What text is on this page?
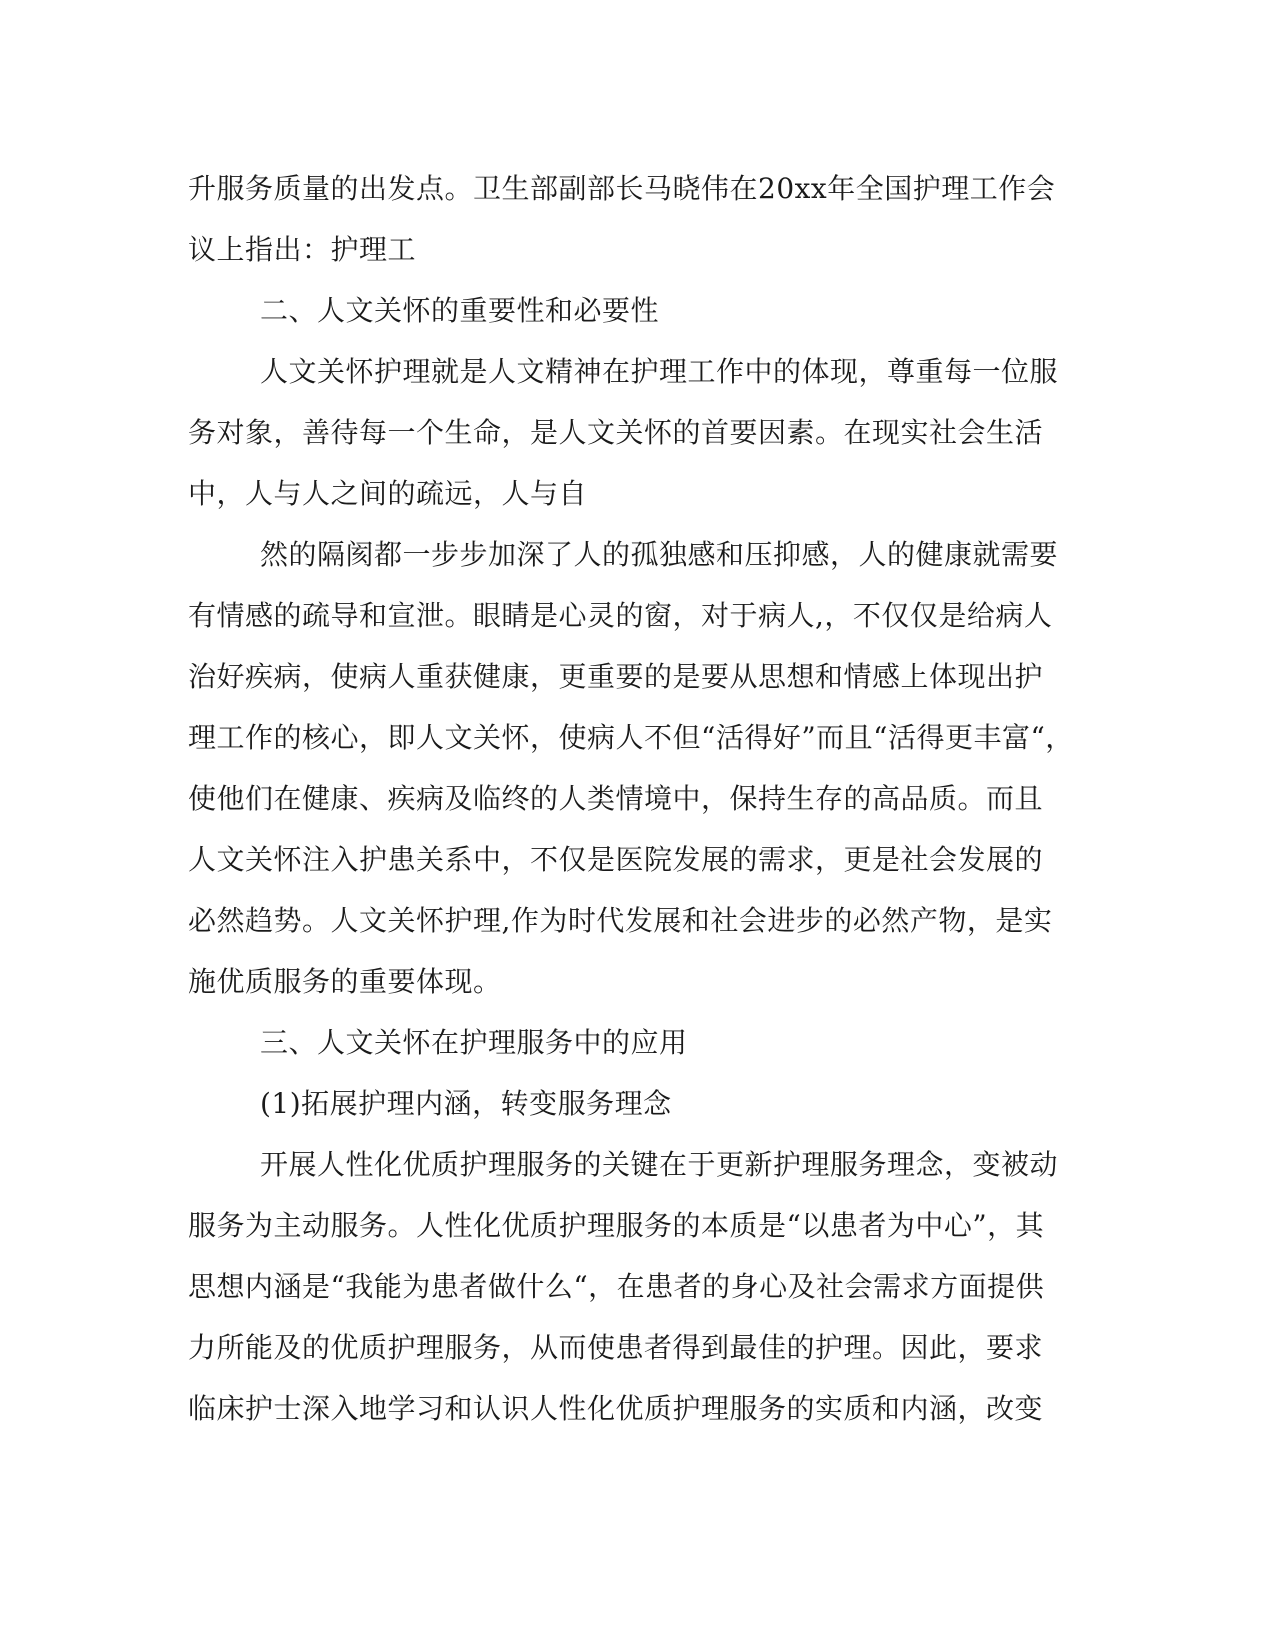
升服务质量的出发点。卫生部副部长马晓伟在20xx年全国护理工作会
议上指出：护理工
二、人文关怀的重要性和必要性
人文关怀护理就是人文精神在护理工作中的体现，尊重每一位服
务对象，善待每一个生命，是人文关怀的首要因素。在现实社会生活
中，人与人之间的疏远，人与自
然的隔阂都一步步加深了人的孤独感和压抑感，人的健康就需要
有情感的疏导和宣泄。眼睛是心灵的窗，对于病人,，不仅仅是给病人
治好疾病，使病人重获健康，更重要的是要从思想和情感上体现出护
理工作的核心，即人文关怀，使病人不但“活得好”而且“活得更丰富“，
使他们在健康、疾病及临终的人类情境中，保持生存的高品质。而且
人文关怀注入护患关系中，不仅是医院发展的需求，更是社会发展的
必然趋势。人文关怀护理,作为时代发展和社会进步的必然产物，是实
施优质服务的重要体现。
三、人文关怀在护理服务中的应用
(1)拓展护理内涵，转变服务理念
开展人性化优质护理服务的关键在于更新护理服务理念，变被动
服务为主动服务。人性化优质护理服务的本质是“以患者为中心”，其
思想内涵是“我能为患者做什么“，在患者的身心及社会需求方面提供
力所能及的优质护理服务，从而使患者得到最佳的护理。因此，要求
临床护士深入地学习和认识人性化优质护理服务的实质和内涵，改变
